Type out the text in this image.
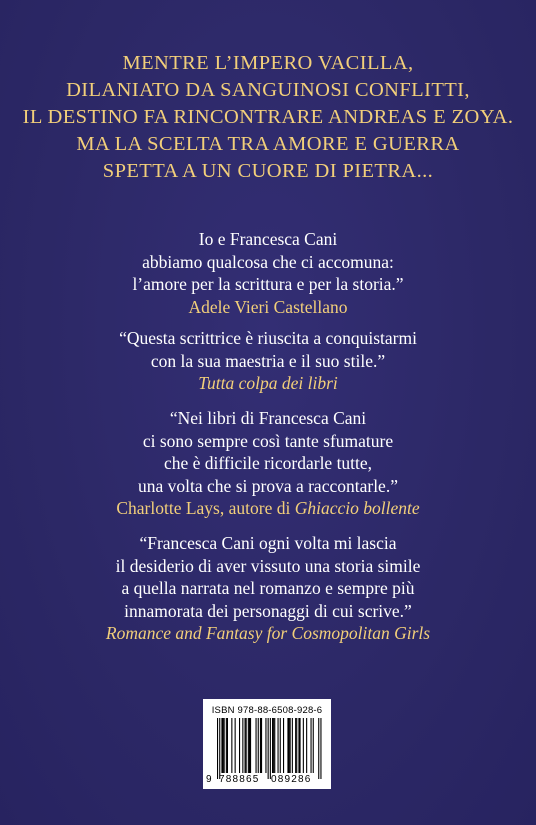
MENTRE L’IMPERO VACILLA,
DILANIATO DA SANGUINOSI CONFLITTI,
IL DESTINO FA RINCONTRARE ANDREAS E ZOYA.
MA LA SCELTA TRA AMORE E GUERRA
SPETTA A UN CUORE DI PIETRA...
Io e Francesca Cani
abbiamo qualcosa che ci accomuna:
l’amore per la scrittura e per la storia.”
Adele Vieri Castellano
“Questa scrittrice è riuscita a conquistarmi
con la sua maestria e il suo stile.”
Tutta colpa dei libri
“Nei libri di Francesca Cani
ci sono sempre così tante sfumature
che è difficile ricordarle tutte,
una volta che si prova a raccontarle.”
Charlotte Lays, autore di Ghiaccio bollente
“Francesca Cani ogni volta mi lascia
il desiderio di aver vissuto una storia simile
a quella narrata nel romanzo e sempre più
innamorata dei personaggi di cui scrive.”
Romance and Fantasy for Cosmopolitan Girls
ISBN 978-88-6508-928-6
9 788865 089286
